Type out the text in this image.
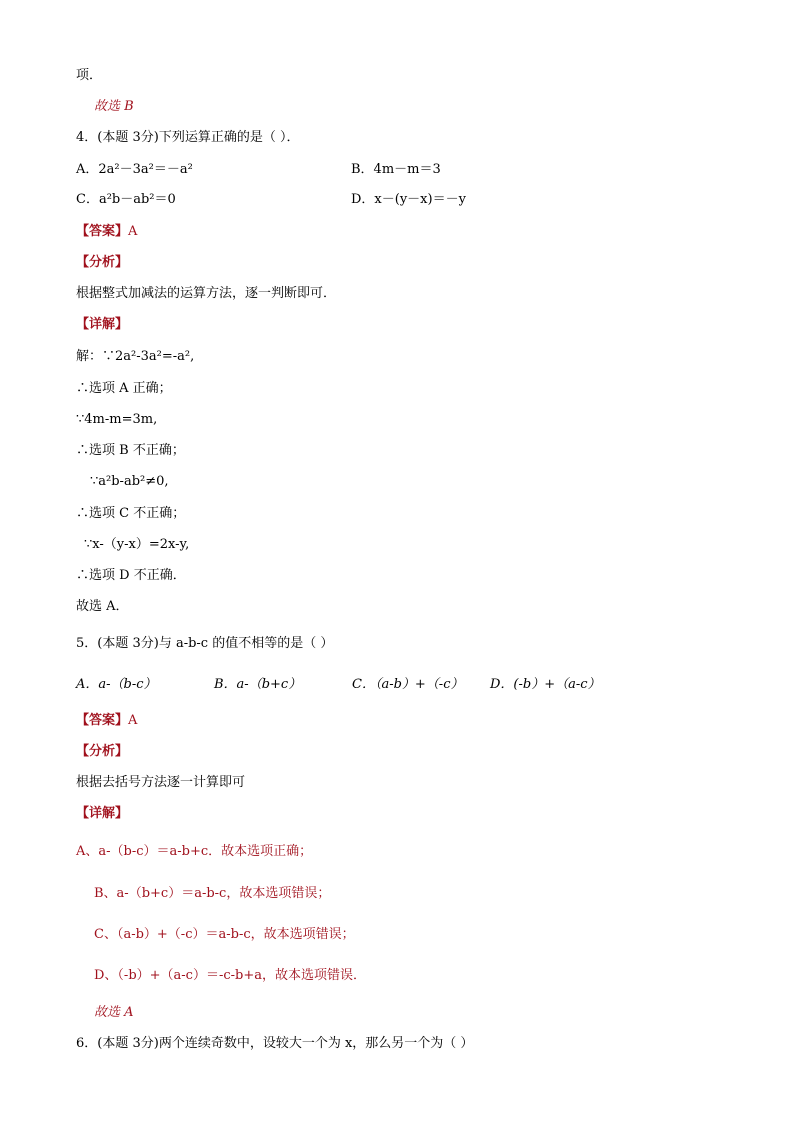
项．
故选 B
4．(本题 3分)下列运算正确的是（ ）．
A．2a²－3a²＝－a²	B．4m－m＝3
C．a²b－ab²＝0	D．x－(y－x)＝－y
【答案】A
【分析】
根据整式加减法的运算方法，逐一判断即可．
【详解】
解：∵2a²-3a²=-a²,
∴选项 A 正确；
∵4m-m=3m,
∴选项 B 不正确；
∵a²b-ab²≠0,
∴选项 C 不正确；
∵x-（y-x）=2x-y,
∴选项 D 不正确．
故选 A．
5．(本题 3分)与 a-b-c 的值不相等的是（ ）
A．a-（b-c）	B．a-（b+c）	C．（a-b）+（-c） D．(-b）+（a-c）
【答案】A
【分析】
根据去括号方法逐一计算即可
【详解】
A、a-（b-c）＝a-b+c．故本选项正确；
B、a-（b+c）＝a-b-c，故本选项错误；
C、（a-b）+（-c）＝a-b-c，故本选项错误；
D、（-b）+（a-c）＝-c-b+a，故本选项错误．
故选 A
6．(本题 3分)两个连续奇数中，设较大一个为 x，那么另一个为（ ）
